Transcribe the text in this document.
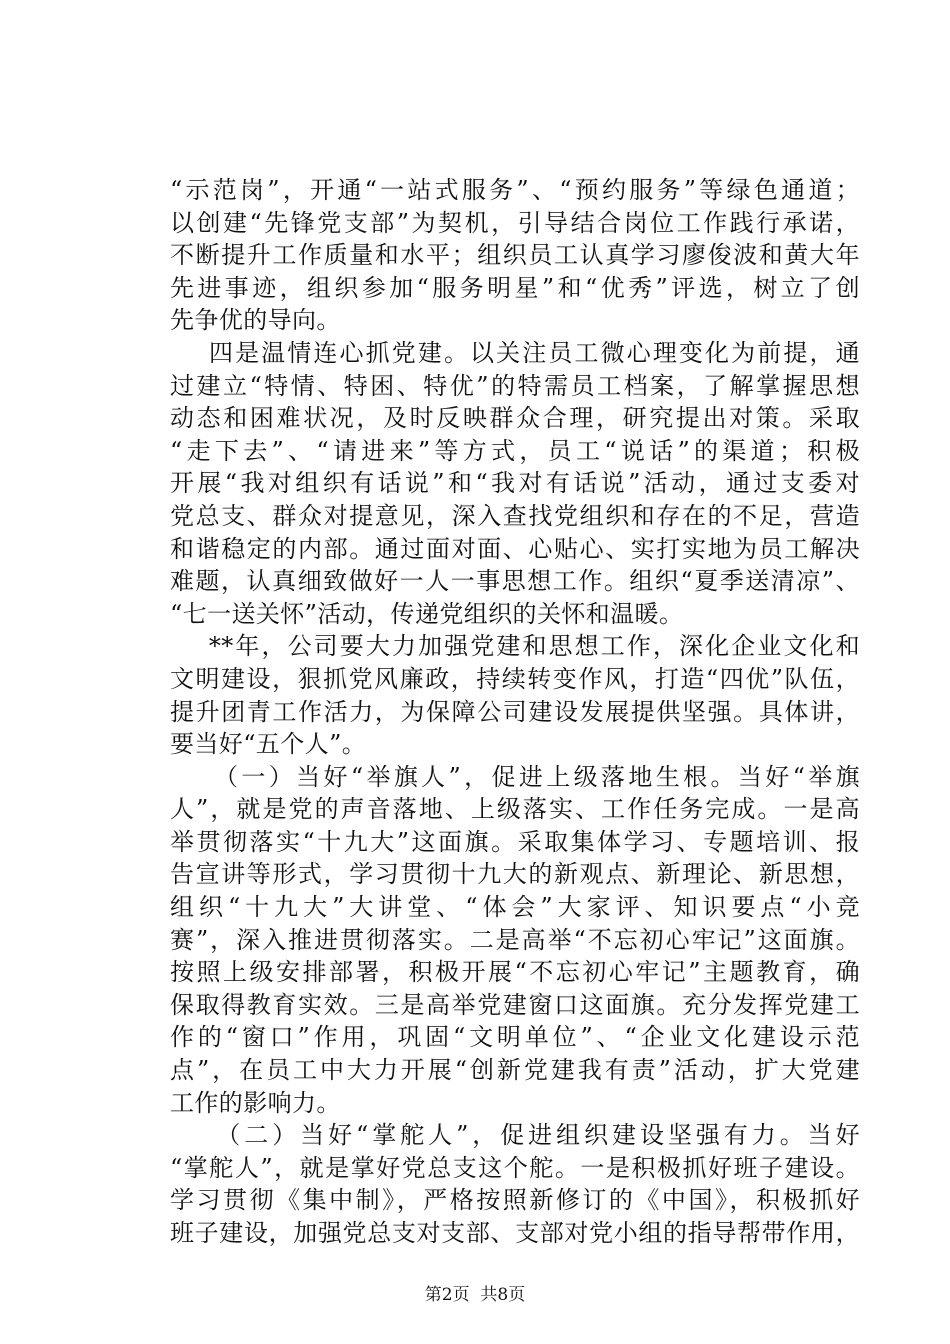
“示范岗”，开通“一站式服务”、“预约服务”等绿色通道；
以创建“先锋党支部”为契机，引导结合岗位工作践行承诺，
不断提升工作质量和水平；组织员工认真学习廖俊波和黄大年
先进事迹，组织参加“服务明星”和“优秀”评选，树立了创
先争优的导向。
四是温情连心抓党建。以关注员工微心理变化为前提，通
过建立“特情、特困、特优”的特需员工档案，了解掌握思想
动态和困难状况，及时反映群众合理，研究提出对策。采取
“走下去”、“请进来”等方式，员工“说话”的渠道；积极
开展“我对组织有话说”和“我对有话说”活动，通过支委对
党总支、群众对提意见，深入查找党组织和存在的不足，营造
和谐稳定的内部。通过面对面、心贴心、实打实地为员工解决
难题，认真细致做好一人一事思想工作。组织“夏季送清凉”、
“七一送关怀”活动，传递党组织的关怀和温暖。
**年，公司要大力加强党建和思想工作，深化企业文化和
文明建设，狠抓党风廉政，持续转变作风，打造“四优”队伍，
提升团青工作活力，为保障公司建设发展提供坚强。具体讲，
要当好“五个人”。
（一）当好“举旗人”，促进上级落地生根。当好“举旗
人”，就是党的声音落地、上级落实、工作任务完成。一是高
举贯彻落实“十九大”这面旗。采取集体学习、专题培训、报
告宣讲等形式，学习贯彻十九大的新观点、新理论、新思想，
组织“十九大”大讲堂、“体会”大家评、知识要点“小竞
赛”，深入推进贯彻落实。二是高举“不忘初心牢记”这面旗。
按照上级安排部署，积极开展“不忘初心牢记”主题教育，确
保取得教育实效。三是高举党建窗口这面旗。充分发挥党建工
作的“窗口”作用，巩固“文明单位”、“企业文化建设示范
点”，在员工中大力开展“创新党建我有责”活动，扩大党建
工作的影响力。
（二）当好“掌舵人”，促进组织建设坚强有力。当好
“掌舵人”，就是掌好党总支这个舵。一是积极抓好班子建设。
学习贯彻《集中制》，严格按照新修订的《中国》，积极抓好
班子建设，加强党总支对支部、支部对党小组的指导帮带作用，
第2页  共8页
